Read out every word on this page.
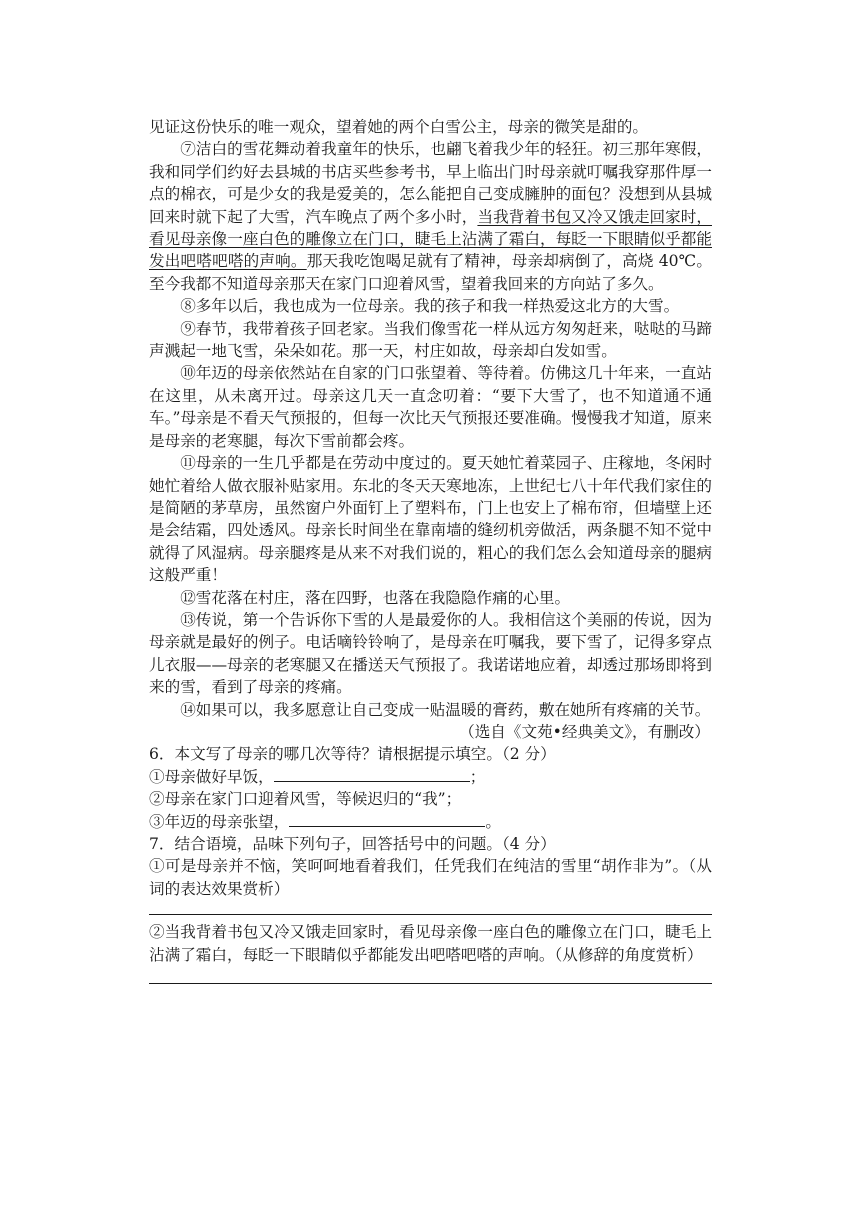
见证这份快乐的唯一观众，望着她的两个白雪公主，母亲的微笑是甜的。

⑦洁白的雪花舞动着我童年的快乐，也翩飞着我少年的轻狂。初三那年寒假，我和同学们约好去县城的书店买些参考书，早上临出门时母亲就叮嘱我穿那件厚一点的棉衣，可是少女的我是爱美的，怎么能把自己变成臃肿的面包？没想到从县城回来时就下起了大雪，汽车晚点了两个多小时，当我背着书包又冷又饿走回家时，看见母亲像一座白色的雕像立在门口，睫毛上沾满了霜白，每眨一下眼睛似乎都能发出吧嗒吧嗒的声响。那天我吃饱喝足就有了精神，母亲却病倒了，高烧 40℃。至今我都不知道母亲那天在家门口迎着风雪，望着我回来的方向站了多久。

⑧多年以后，我也成为一位母亲。我的孩子和我一样热爱这北方的大雪。

⑨春节，我带着孩子回老家。当我们像雪花一样从远方匆匆赶来，哒哒的马蹄声溅起一地飞雪，朵朵如花。那一天，村庄如故，母亲却白发如雪。

⑩年迈的母亲依然站在自家的门口张望着、等待着。仿佛这几十年来，一直站在这里，从未离开过。母亲这几天一直念叨着：“要下大雪了，也不知道通不通车。”母亲是不看天气预报的，但每一次比天气预报还要准确。慢慢我才知道，原来是母亲的老寒腿，每次下雪前都会疼。

⑪母亲的一生几乎都是在劳动中度过的。夏天她忙着菜园子、庄稼地，冬闲时她忙着给人做衣服补贴家用。东北的冬天天寒地冻，上世纪七八十年代我们家住的是简陋的茅草房，虽然窗户外面钉上了塑料布，门上也安上了棉布帘，但墙壁上还是会结霜，四处透风。母亲长时间坐在靠南墙的缝纫机旁做活，两条腿不知不觉中就得了风湿病。母亲腿疼是从来不对我们说的，粗心的我们怎么会知道母亲的腿病这般严重！

⑫雪花落在村庄，落在四野，也落在我隐隐作痛的心里。

⑬传说，第一个告诉你下雪的人是最爱你的人。我相信这个美丽的传说，因为母亲就是最好的例子。电话嘀铃铃响了，是母亲在叮嘱我，要下雪了，记得多穿点儿衣服——母亲的老寒腿又在播送天气预报了。我诺诺地应着，却透过那场即将到来的雪，看到了母亲的疼痛。

⑭如果可以，我多愿意让自己变成一贴温暖的膏药，敷在她所有疼痛的关节。

（选自《文苑•经典美文》，有删改）

6．本文写了母亲的哪几次等待？请根据提示填空。（2 分）

①母亲做好早饭，	；

②母亲在家门口迎着风雪，等候迟归的“我”；

③年迈的母亲张望，	。

7．结合语境，品味下列句子，回答括号中的问题。（4 分）

①可是母亲并不恼，笑呵呵地看着我们，任凭我们在纯洁的雪里“胡作非为”。（从词的表达效果赏析）

②当我背着书包又冷又饿走回家时，看见母亲像一座白色的雕像立在门口，睫毛上沾满了霜白，每眨一下眼睛似乎都能发出吧嗒吧嗒的声响。（从修辞的角度赏析）
